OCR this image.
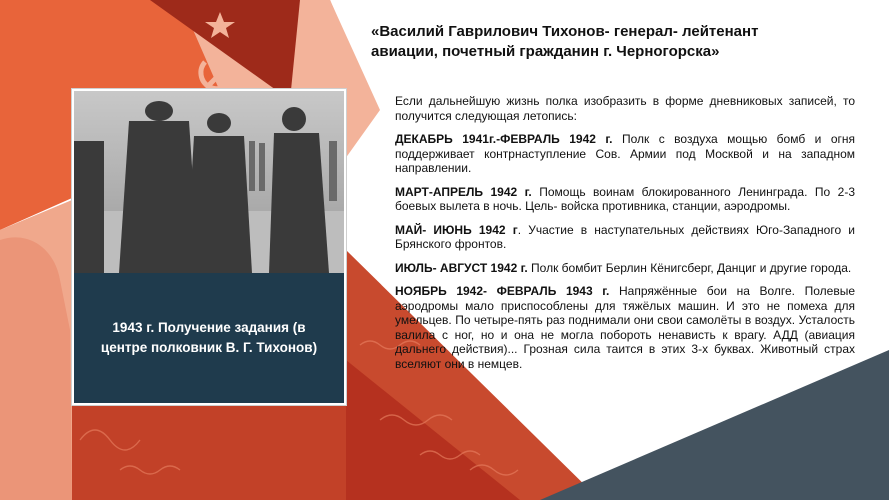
«Василий Гаврилович Тихонов- генерал- лейтенант авиации, почетный гражданин г. Черногорска»
1943 г. Получение задания (в центре полковник В. Г. Тихонов)

Если дальнейшую жизнь полка изобразить в форме дневниковых записей, то получится следующая летопись:

ДЕКАБРЬ 1941г.-ФЕВРАЛЬ 1942 г. Полк с воздуха мощью бомб и огня поддерживает контрнаступление Сов. Армии под Москвой и на западном направлении.

МАРТ-АПРЕЛЬ 1942 г. Помощь воинам блокированного Ленинграда. По 2-3 боевых вылета в ночь. Цель- войска противника, станции, аэродромы.

МАЙ- ИЮНЬ 1942 г. Участие в наступательных действиях Юго-Западного и Брянского фронтов.

ИЮЛЬ- АВГУСТ 1942 г. Полк бомбит Берлин Кёнигсберг, Данциг и другие города.

НОЯБРЬ 1942- ФЕВРАЛЬ 1943 г. Напряжённые бои на Волге. Полевые аэродромы мало приспособлены для тяжёлых машин. И это не помеха для умельцев. По четыре-пять раз поднимали они свои самолёты в воздух. Усталость валила с ног, но и она не могла побороть ненависть к врагу. АДД (авиация дальнего действия)... Грозная сила таится в этих 3-х буквах. Животный страх вселяют они в немцев.
